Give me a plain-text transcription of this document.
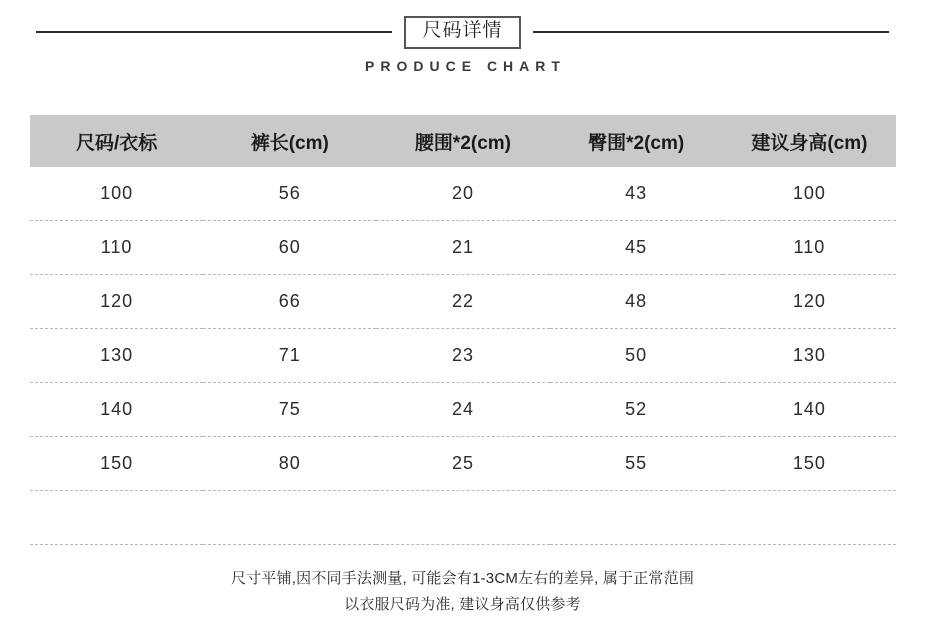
尺码详情
PRODUCE CHART
尺码/衣标	裤长(cm)	腰围*2(cm)	臀围*2(cm)	建议身高(cm)
100	56	20	43	100
110	60	21	45	110
120	66	22	48	120
130	71	23	50	130
140	75	24	52	140
150	80	25	55	150

尺寸平铺,因不同手法测量, 可能会有1-3CM左右的差异, 属于正常范围
以衣服尺码为准, 建议身高仅供参考
